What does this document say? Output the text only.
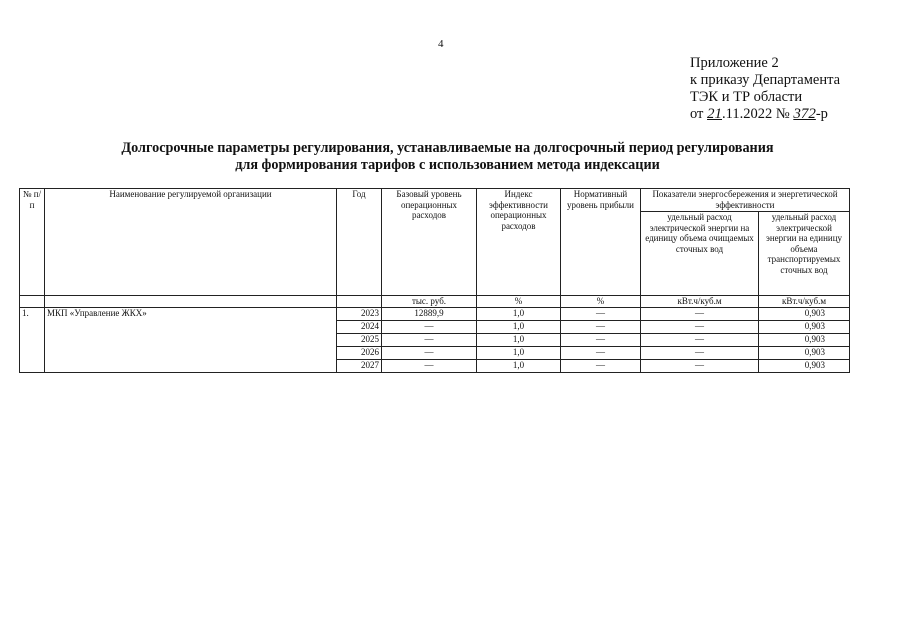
4
Приложение 2
к приказу Департамента
ТЭК и ТР области
от 21.11.2022 № 372-р
Долгосрочные параметры регулирования, устанавливаемые на долгосрочный период регулирования
для формирования тарифов с использованием метода индексации
№ п/п	Наименование регулируемой организации	Год	Базовый уровень операционных расходов	Индекс эффективности операционных расходов	Нормативный уровень прибыли	Показатели энергосбережения и энергетической эффективности	
						удельный расход электрической энергии на единицу объема очищаемых сточных вод	удельный расход электрической энергии на единицу объема транспортируемых сточных вод
			тыс. руб.	%	%	кВт.ч/куб.м	кВт.ч/куб.м
1.	МКП «Управление ЖКХ»	2023	12889,9	1,0	—	—	0,903
		2024	—	1,0	—	—	0,903
		2025	—	1,0	—	—	0,903
		2026	—	1,0	—	—	0,903
		2027	—	1,0	—	—	0,903
